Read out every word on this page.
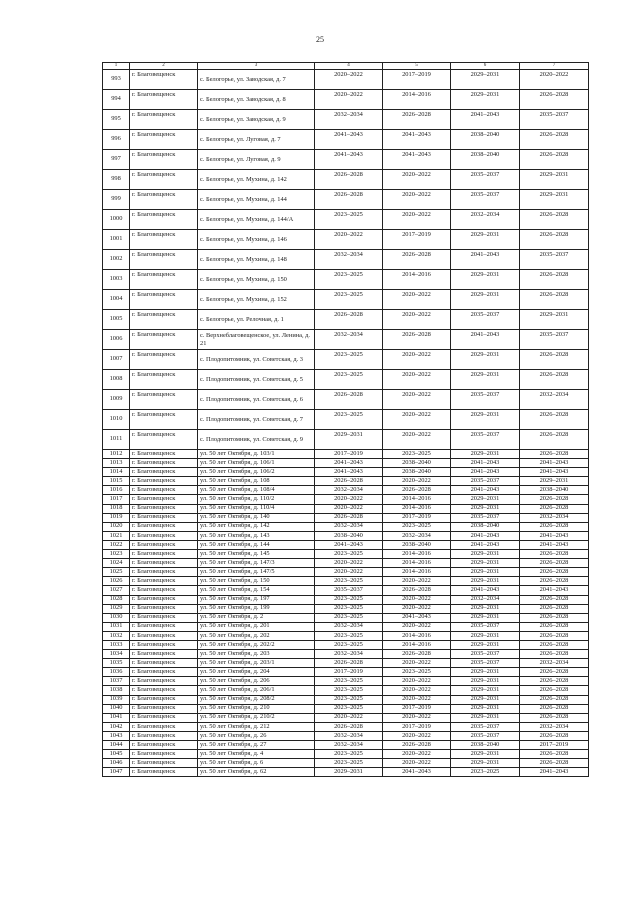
25
1	2	3	4	5	6	7
993	г. Благовещенск	с. Белогорье, ул. Заводская, д. 7	2020–2022	2017–2019	2029–2031	2020–2022
994	г. Благовещенск	с. Белогорье, ул. Заводская, д. 8	2020–2022	2014–2016	2029–2031	2026–2028
995	г. Благовещенск	с. Белогорье, ул. Заводская, д. 9	2032–2034	2026–2028	2041–2043	2035–2037
996	г. Благовещенск	с. Белогорье, ул. Луговая, д. 7	2041–2043	2041–2043	2038–2040	2026–2028
997	г. Благовещенск	с. Белогорье, ул. Луговая, д. 9	2041–2043	2041–2043	2038–2040	2026–2028
998	г. Благовещенск	с. Белогорье, ул. Мухина, д. 142	2026–2028	2020–2022	2035–2037	2029–2031
999	г. Благовещенск	с. Белогорье, ул. Мухина, д. 144	2026–2028	2020–2022	2035–2037	2029–2031
1000	г. Благовещенск	с. Белогорье, ул. Мухина, д. 144/А	2023–2025	2020–2022	2032–2034	2026–2028
1001	г. Благовещенск	с. Белогорье, ул. Мухина, д. 146	2020–2022	2017–2019	2029–2031	2026–2028
1002	г. Благовещенск	с. Белогорье, ул. Мухина, д. 148	2032–2034	2026–2028	2041–2043	2035–2037
1003	г. Благовещенск	с. Белогорье, ул. Мухина, д. 150	2023–2025	2014–2016	2029–2031	2026–2028
1004	г. Благовещенск	с. Белогорье, ул. Мухина, д. 152	2023–2025	2020–2022	2029–2031	2026–2028
1005	г. Благовещенск	с. Белогорье, ул. Релочная, д. 1	2026–2028	2020–2022	2035–2037	2029–2031
1006	г. Благовещенск	с. Верхнеблаговещенское, ул. Ленина, д. 21	2032–2034	2026–2028	2041–2043	2035–2037
1007	г. Благовещенск	с. Плодопитомник, ул. Советская, д. 3	2023–2025	2020–2022	2029–2031	2026–2028
1008	г. Благовещенск	с. Плодопитомник, ул. Советская, д. 5	2023–2025	2020–2022	2029–2031	2026–2028
1009	г. Благовещенск	с. Плодопитомник, ул. Советская, д. 6	2026–2028	2020–2022	2035–2037	2032–2034
1010	г. Благовещенск	с. Плодопитомник, ул. Советская, д. 7	2023–2025	2020–2022	2029–2031	2026–2028
1011	г. Благовещенск	с. Плодопитомник, ул. Советская, д. 9	2029–2031	2020–2022	2035–2037	2026–2028
1012	г. Благовещенск	ул. 50 лет Октября, д. 103/1	2017–2019	2023–2025	2029–2031	2026–2028
1013	г. Благовещенск	ул. 50 лет Октября, д. 106/1	2041–2043	2038–2040	2041–2043	2041–2043
1014	г. Благовещенск	ул. 50 лет Октября, д. 106/2	2041–2043	2038–2040	2041–2043	2041–2043
1015	г. Благовещенск	ул. 50 лет Октября, д. 108	2026–2028	2020–2022	2035–2037	2029–2031
1016	г. Благовещенск	ул. 50 лет Октября, д. 108/4	2032–2034	2026–2028	2041–2043	2038–2040
1017	г. Благовещенск	ул. 50 лет Октября, д. 110/2	2020–2022	2014–2016	2029–2031	2026–2028
1018	г. Благовещенск	ул. 50 лет Октября, д. 110/4	2020–2022	2014–2016	2029–2031	2026–2028
1019	г. Благовещенск	ул. 50 лет Октября, д. 140	2026–2028	2017–2019	2035–2037	2032–2034
1020	г. Благовещенск	ул. 50 лет Октября, д. 142	2032–2034	2023–2025	2038–2040	2026–2028
1021	г. Благовещенск	ул. 50 лет Октября, д. 143	2038–2040	2032–2034	2041–2043	2041–2043
1022	г. Благовещенск	ул. 50 лет Октября, д. 144	2041–2043	2038–2040	2041–2043	2041–2043
1023	г. Благовещенск	ул. 50 лет Октября, д. 145	2023–2025	2014–2016	2029–2031	2026–2028
1024	г. Благовещенск	ул. 50 лет Октября, д. 147/3	2020–2022	2014–2016	2029–2031	2026–2028
1025	г. Благовещенск	ул. 50 лет Октября, д. 147/5	2020–2022	2014–2016	2029–2031	2026–2028
1026	г. Благовещенск	ул. 50 лет Октября, д. 150	2023–2025	2020–2022	2029–2031	2026–2028
1027	г. Благовещенск	ул. 50 лет Октября, д. 154	2035–2037	2026–2028	2041–2043	2041–2043
1028	г. Благовещенск	ул. 50 лет Октября, д. 197	2023–2025	2020–2022	2032–2034	2026–2028
1029	г. Благовещенск	ул. 50 лет Октября, д. 199	2023–2025	2020–2022	2029–2031	2026–2028
1030	г. Благовещенск	ул. 50 лет Октября, д. 2	2023–2025	2041–2043	2029–2031	2026–2028
1031	г. Благовещенск	ул. 50 лет Октября, д. 201	2032–2034	2020–2022	2035–2037	2026–2028
1032	г. Благовещенск	ул. 50 лет Октября, д. 202	2023–2025	2014–2016	2029–2031	2026–2028
1033	г. Благовещенск	ул. 50 лет Октября, д. 202/2	2023–2025	2014–2016	2029–2031	2026–2028
1034	г. Благовещенск	ул. 50 лет Октября, д. 203	2032–2034	2026–2028	2035–2037	2026–2028
1035	г. Благовещенск	ул. 50 лет Октября, д. 203/1	2026–2028	2020–2022	2035–2037	2032–2034
1036	г. Благовещенск	ул. 50 лет Октября, д. 204	2017–2019	2023–2025	2029–2031	2026–2028
1037	г. Благовещенск	ул. 50 лет Октября, д. 206	2023–2025	2020–2022	2029–2031	2026–2028
1038	г. Благовещенск	ул. 50 лет Октября, д. 206/1	2023–2025	2020–2022	2029–2031	2026–2028
1039	г. Благовещенск	ул. 50 лет Октября, д. 208/2	2023–2025	2020–2022	2029–2031	2026–2028
1040	г. Благовещенск	ул. 50 лет Октября, д. 210	2023–2025	2017–2019	2029–2031	2026–2028
1041	г. Благовещенск	ул. 50 лет Октября, д. 210/2	2020–2022	2020–2022	2029–2031	2026–2028
1042	г. Благовещенск	ул. 50 лет Октября, д. 212	2026–2028	2017–2019	2035–2037	2032–2034
1043	г. Благовещенск	ул. 50 лет Октября, д. 26	2032–2034	2020–2022	2035–2037	2026–2028
1044	г. Благовещенск	ул. 50 лет Октября, д. 27	2032–2034	2026–2028	2038–2040	2017–2019
1045	г. Благовещенск	ул. 50 лет Октября, д. 4	2023–2025	2020–2022	2029–2031	2026–2028
1046	г. Благовещенск	ул. 50 лет Октября, д. 6	2023–2025	2020–2022	2029–2031	2026–2028
1047	г. Благовещенск	ул. 50 лет Октября, д. 62	2029–2031	2041–2043	2023–2025	2041–2043
